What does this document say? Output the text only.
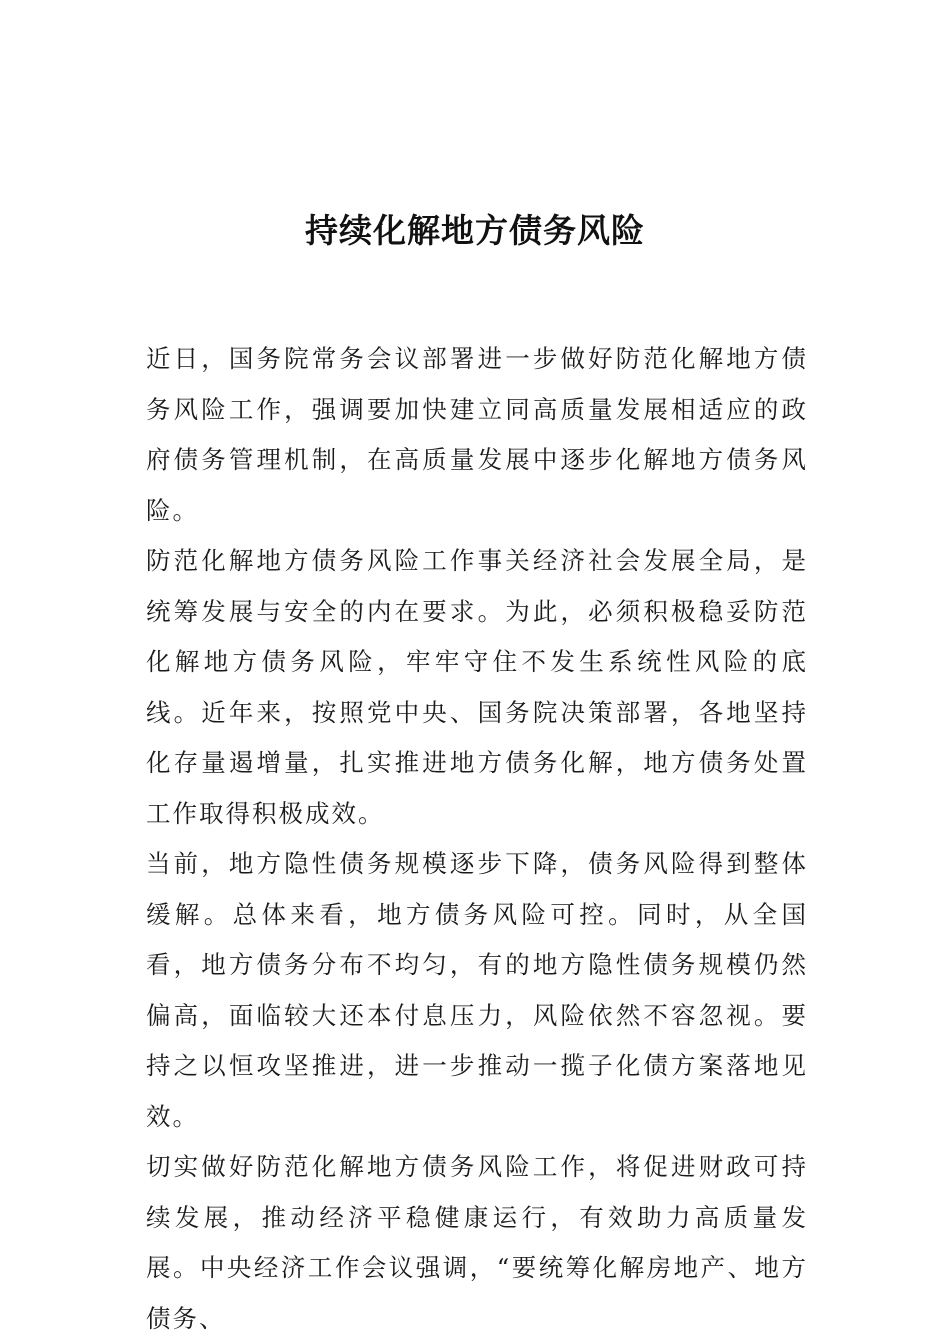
持续化解地方债务风险

近日，国务院常务会议部署进一步做好防范化解地方债务风险工作，强调要加快建立同高质量发展相适应的政府债务管理机制，在高质量发展中逐步化解地方债务风险。

防范化解地方债务风险工作事关经济社会发展全局，是统筹发展与安全的内在要求。为此，必须积极稳妥防范化解地方债务风险，牢牢守住不发生系统性风险的底线。近年来，按照党中央、国务院决策部署，各地坚持化存量遏增量，扎实推进地方债务化解，地方债务处置工作取得积极成效。

当前，地方隐性债务规模逐步下降，债务风险得到整体缓解。总体来看，地方债务风险可控。同时，从全国看，地方债务分布不均匀，有的地方隐性债务规模仍然偏高，面临较大还本付息压力，风险依然不容忽视。要持之以恒攻坚推进，进一步推动一揽子化债方案落地见效。

切实做好防范化解地方债务风险工作，将促进财政可持续发展，推动经济平稳健康运行，有效助力高质量发展。中央经济工作会议强调，“要统筹化解房地产、地方债务、
